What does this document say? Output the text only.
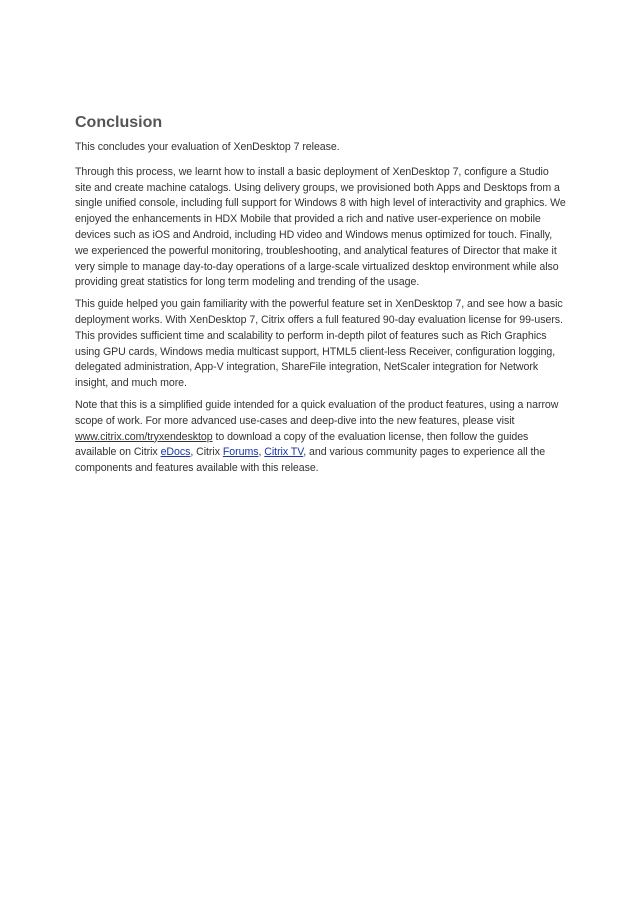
Conclusion

This concludes your evaluation of XenDesktop 7 release.

Through this process, we learnt how to install a basic deployment of XenDesktop 7, configure a Studio site and create machine catalogs. Using delivery groups, we provisioned both Apps and Desktops from a single unified console, including full support for Windows 8 with high level of interactivity and graphics. We enjoyed the enhancements in HDX Mobile that provided a rich and native user-experience on mobile devices such as iOS and Android, including HD video and Windows menus optimized for touch. Finally, we experienced the powerful monitoring, troubleshooting, and analytical features of Director that make it very simple to manage day-to-day operations of a large-scale virtualized desktop environment while also providing great statistics for long term modeling and trending of the usage.

This guide helped you gain familiarity with the powerful feature set in XenDesktop 7, and see how a basic deployment works. With XenDesktop 7, Citrix offers a full featured 90-day evaluation license for 99-users. This provides sufficient time and scalability to perform in-depth pilot of features such as Rich Graphics using GPU cards, Windows media multicast support, HTML5 client-less Receiver, configuration logging, delegated administration, App-V integration, ShareFile integration, NetScaler integration for Network insight, and much more.

Note that this is a simplified guide intended for a quick evaluation of the product features, using a narrow scope of work. For more advanced use-cases and deep-dive into the new features, please visit www.citrix.com/tryxendesktop to download a copy of the evaluation license, then follow the guides available on Citrix eDocs, Citrix Forums, Citrix TV, and various community pages to experience all the components and features available with this release.
